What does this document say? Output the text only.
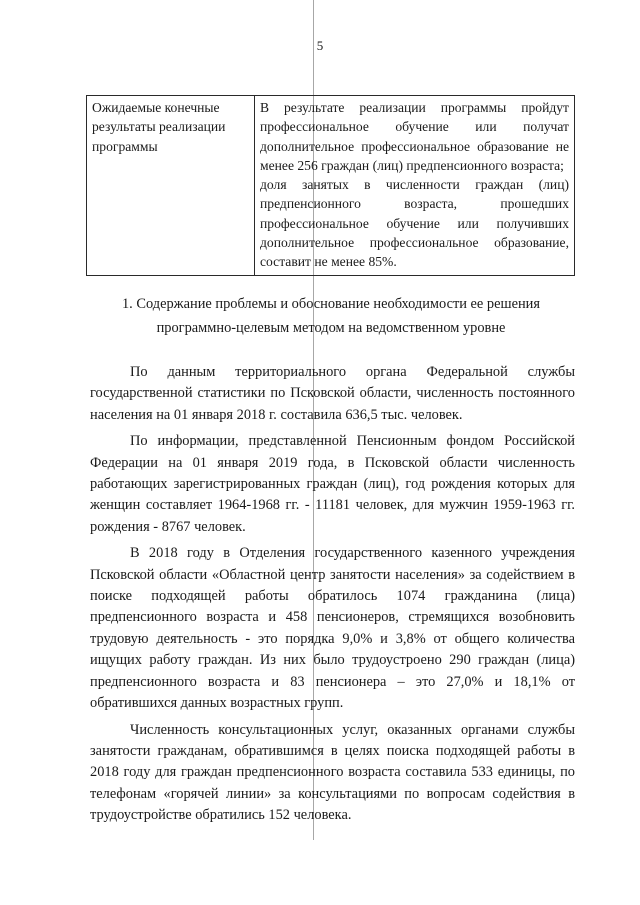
5
Ожидаемые конечные результаты реализации программы	В результате реализации программы пройдут профессиональное обучение или получат дополнительное профессиональное образование не менее 256 граждан (лиц) предпенсионного возраста;
доля занятых в численности граждан (лиц) предпенсионного возраста, прошедших профессиональное обучение или получивших дополнительное профессиональное образование, составит не менее 85%.
1. Содержание проблемы и обоснование необходимости ее решения программно-целевым методом на ведомственном уровне

По данным территориального органа Федеральной службы государственной статистики по Псковской области, численность постоянного населения на 01 января 2018 г. составила 636,5 тыс. человек.

По информации, представленной Пенсионным фондом Российской Федерации на 01 января 2019 года, в Псковской области численность работающих зарегистрированных граждан (лиц), год рождения которых для женщин составляет 1964-1968 гг. - 11181 человек, для мужчин 1959-1963 гг. рождения - 8767 человек.

В 2018 году в Отделения государственного казенного учреждения Псковской области «Областной центр занятости населения» за содействием в поиске подходящей работы обратилось 1074 гражданина (лица) предпенсионного возраста и 458 пенсионеров, стремящихся возобновить трудовую деятельность - это порядка 9,0% и 3,8% от общего количества ищущих работу граждан. Из них было трудоустроено 290 граждан (лица) предпенсионного возраста и 83 пенсионера – это 27,0% и 18,1% от обратившихся данных возрастных групп.

Численность консультационных услуг, оказанных органами службы занятости гражданам, обратившимся в целях поиска подходящей работы в 2018 году для граждан предпенсионного возраста составила 533 единицы, по телефонам «горячей линии» за консультациями по вопросам содействия в трудоустройстве обратились 152 человека.
